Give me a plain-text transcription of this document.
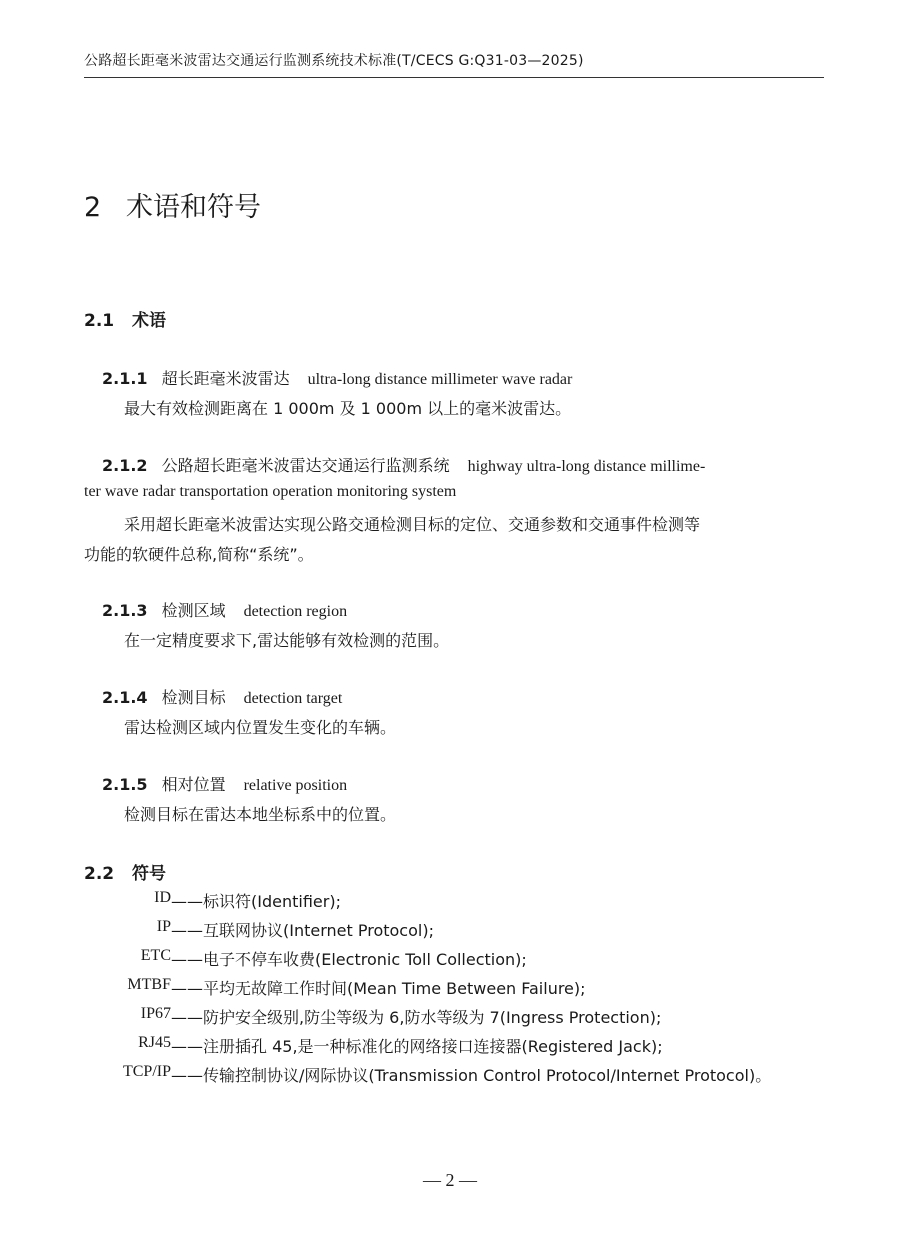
公路超长距毫米波雷达交通运行监测系统技术标准(T/CECS G:Q31-03—2025)
2 术语和符号
2.1 术语
2.1.1 超长距毫米波雷达 ultra-long distance millimeter wave radar
最大有效检测距离在 1 000m 及 1 000m 以上的毫米波雷达。
2.1.2 公路超长距毫米波雷达交通运行监测系统 highway ultra-long distance millime-
ter wave radar transportation operation monitoring system
采用超长距毫米波雷达实现公路交通检测目标的定位、交通参数和交通事件检测等
功能的软硬件总称,简称“系统”。
2.1.3 检测区域 detection region
在一定精度要求下,雷达能够有效检测的范围。
2.1.4 检测目标 detection target
雷达检测区域内位置发生变化的车辆。
2.1.5 相对位置 relative position
检测目标在雷达本地坐标系中的位置。
2.2 符号
ID ——标识符(Identifier);
IP ——互联网协议(Internet Protocol);
ETC ——电子不停车收费(Electronic Toll Collection);
MTBF ——平均无故障工作时间(Mean Time Between Failure);
IP67 ——防护安全级别,防尘等级为 6,防水等级为 7(Ingress Protection);
RJ45 ——注册插孔 45,是一种标准化的网络接口连接器(Registered Jack);
TCP/IP ——传输控制协议/网际协议(Transmission Control Protocol/Internet Protocol)。
— 2 —
